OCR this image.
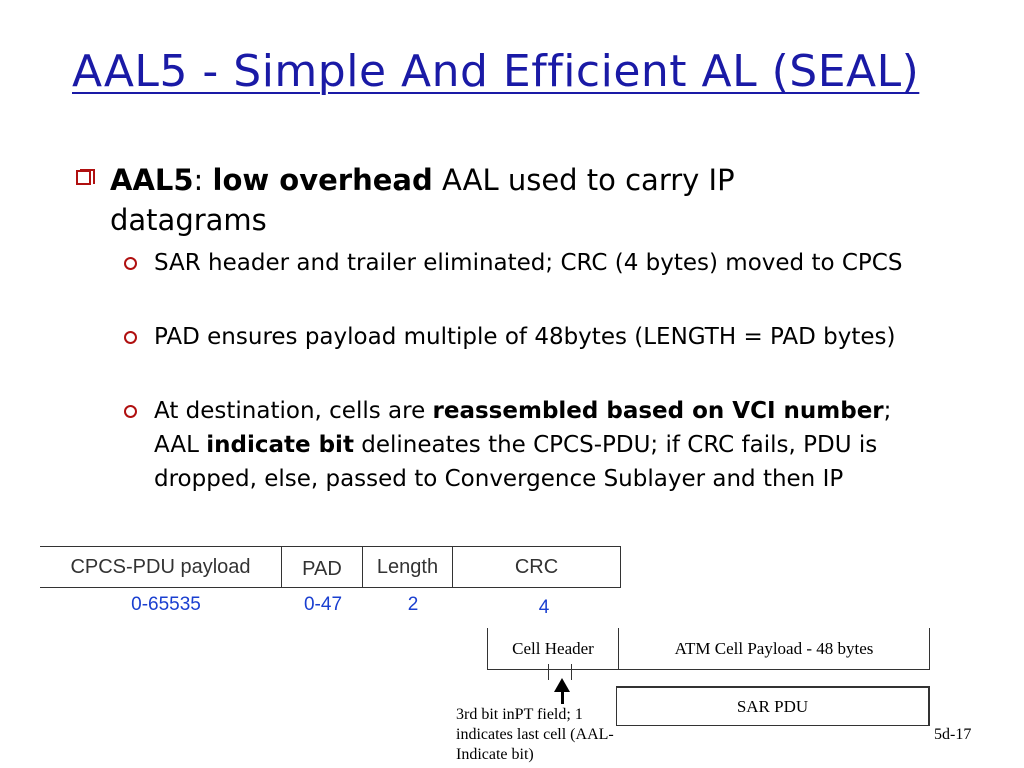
AAL5 - Simple And Efficient AL (SEAL)
AAL5: low overhead AAL used to carry IP datagrams
SAR header and trailer eliminated; CRC (4 bytes) moved to CPCS
PAD ensures payload multiple of 48bytes (LENGTH = PAD bytes)
At destination, cells are reassembled based on VCI number; AAL indicate bit delineates the CPCS-PDU; if CRC fails, PDU is dropped, else, passed to Convergence Sublayer and then IP
CPCS-PDU payload	PAD	Length	CRC
0-65535	0-47	2	4
Cell Header	ATM Cell Payload - 48 bytes
SAR PDU
3rd bit inPT field; 1 indicates last cell (AAL-Indicate bit)
5d-17
